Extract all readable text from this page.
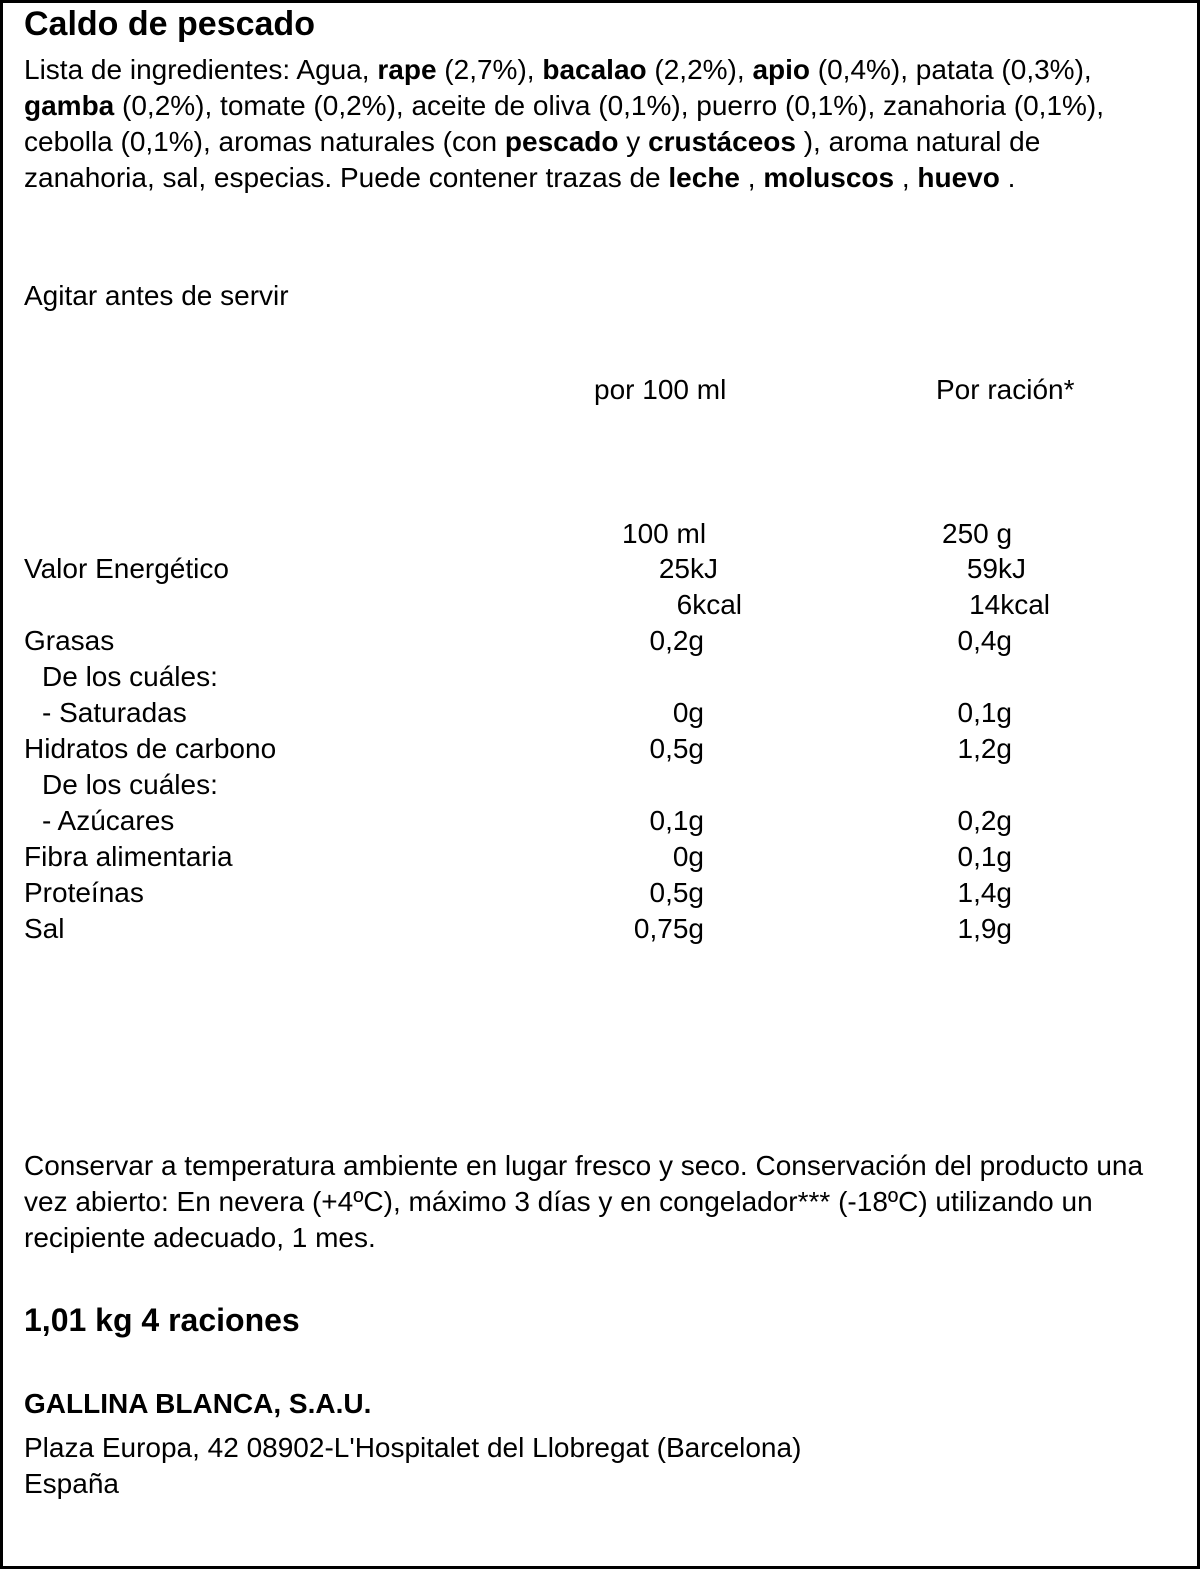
Caldo de pescado
Lista de ingredientes: Agua, rape (2,7%), bacalao (2,2%), apio (0,4%), patata (0,3%), gamba (0,2%), tomate (0,2%), aceite de oliva (0,1%), puerro (0,1%), zanahoria (0,1%), cebolla (0,1%), aromas naturales (con pescado y crustáceos ), aroma natural de zanahoria, sal, especias. Puede contener trazas de leche , moluscos , huevo .
Agitar antes de servir
por 100 ml	Por ración*
100 ml	250 g
Valor Energético	25kJ	59kJ
6kcal	14kcal
Grasas	0,2g	0,4g
De los cuáles:
- Saturadas	0g	0,1g
Hidratos de carbono	0,5g	1,2g
De los cuáles:
- Azúcares	0,1g	0,2g
Fibra alimentaria	0g	0,1g
Proteínas	0,5g	1,4g
Sal	0,75g	1,9g
Conservar a temperatura ambiente en lugar fresco y seco. Conservación del producto una vez abierto: En nevera (+4ºC), máximo 3 días y en congelador*** (-18ºC) utilizando un recipiente adecuado, 1 mes.
1,01 kg 4 raciones
GALLINA BLANCA, S.A.U.
Plaza Europa, 42 08902-L'Hospitalet del Llobregat (Barcelona)
España
